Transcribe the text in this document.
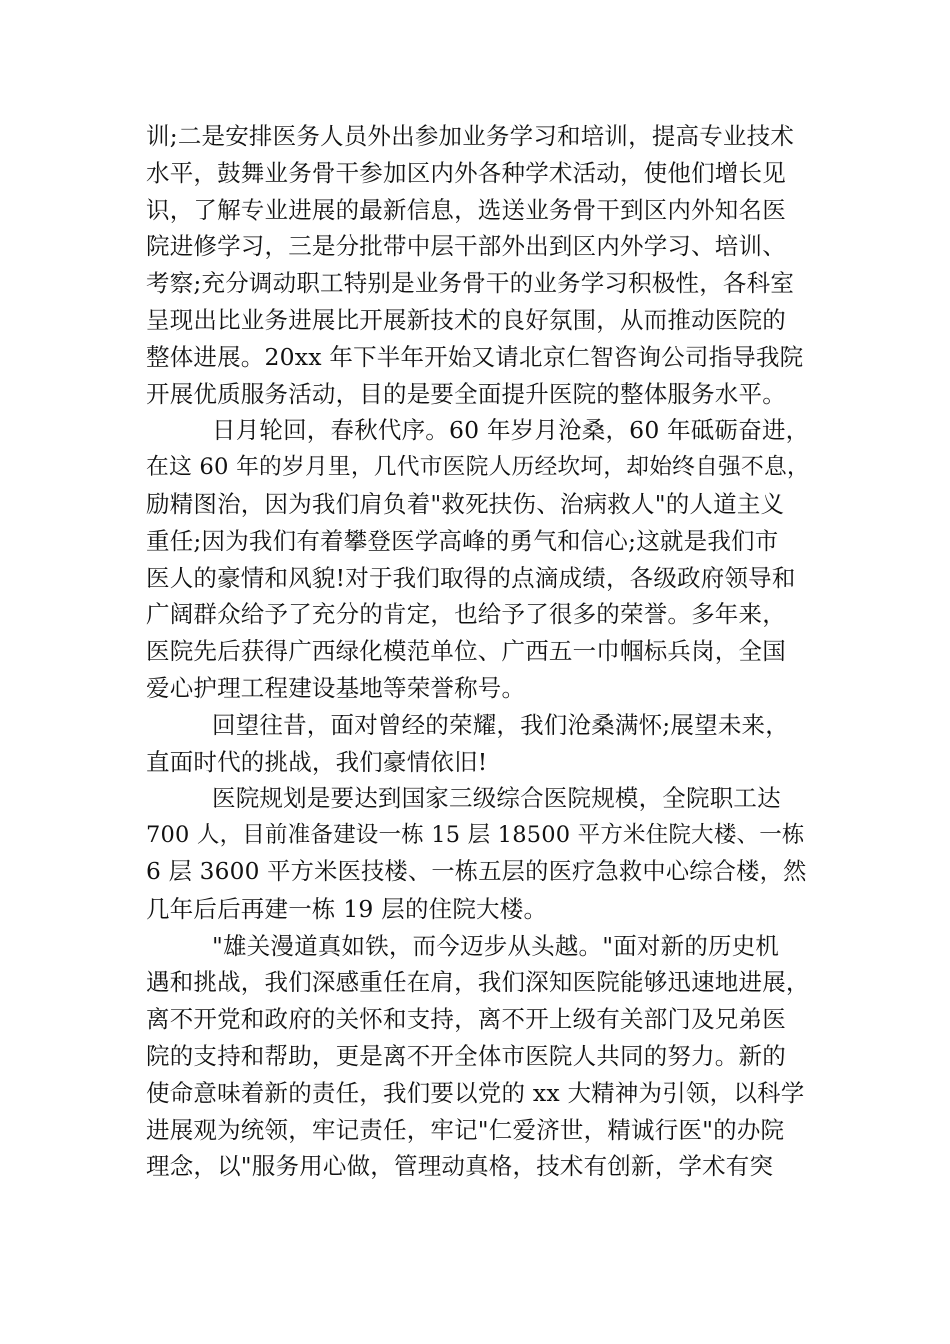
训;二是安排医务人员外出参加业务学习和培训，提高专业技术
水平，鼓舞业务骨干参加区内外各种学术活动，使他们增长见
识，了解专业进展的最新信息，选送业务骨干到区内外知名医
院进修学习，三是分批带中层干部外出到区内外学习、培训、
考察;充分调动职工特别是业务骨干的业务学习积极性，各科室
呈现出比业务进展比开展新技术的良好氛围，从而推动医院的
整体进展。20xx 年下半年开始又请北京仁智咨询公司指导我院
开展优质服务活动，目的是要全面提升医院的整体服务水平。
日月轮回，春秋代序。60 年岁月沧桑，60 年砥砺奋进，
在这 60 年的岁月里，几代市医院人历经坎坷，却始终自强不息，
励精图治，因为我们肩负着"救死扶伤、治病救人"的人道主义
重任;因为我们有着攀登医学高峰的勇气和信心;这就是我们市
医人的豪情和风貌!对于我们取得的点滴成绩，各级政府领导和
广阔群众给予了充分的肯定，也给予了很多的荣誉。多年来，
医院先后获得广西绿化模范单位、广西五一巾帼标兵岗，全国
爱心护理工程建设基地等荣誉称号。
回望往昔，面对曾经的荣耀，我们沧桑满怀;展望未来，
直面时代的挑战，我们豪情依旧!
医院规划是要达到国家三级综合医院规模，全院职工达
700 人，目前准备建设一栋 15 层 18500 平方米住院大楼、一栋
6 层 3600 平方米医技楼、一栋五层的医疗急救中心综合楼，然
几年后后再建一栋 19 层的住院大楼。
"雄关漫道真如铁，而今迈步从头越。"面对新的历史机
遇和挑战，我们深感重任在肩，我们深知医院能够迅速地进展，
离不开党和政府的关怀和支持，离不开上级有关部门及兄弟医
院的支持和帮助，更是离不开全体市医院人共同的努力。新的
使命意味着新的责任，我们要以党的 xx 大精神为引领，以科学
进展观为统领，牢记责任，牢记"仁爱济世，精诚行医"的办院
理念，以"服务用心做，管理动真格，技术有创新，学术有突
